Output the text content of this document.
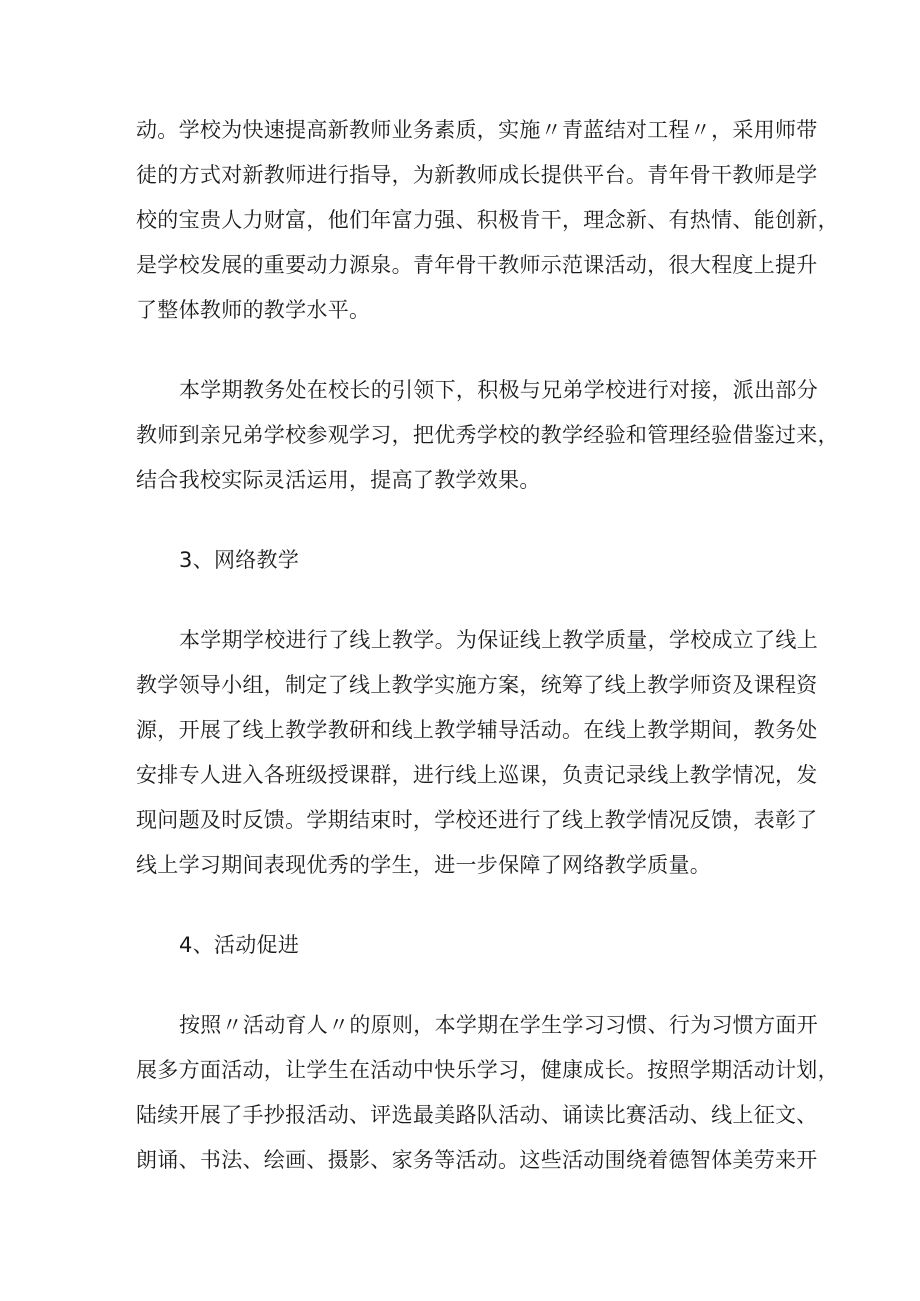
动。学校为快速提高新教师业务素质，实施〃青蓝结对工程〃，采用师带
徒的方式对新教师进行指导，为新教师成长提供平台。青年骨干教师是学
校的宝贵人力财富，他们年富力强、积极肯干，理念新、有热情、能创新，
是学校发展的重要动力源泉。青年骨干教师示范课活动，很大程度上提升
了整体教师的教学水平。
本学期教务处在校长的引领下，积极与兄弟学校进行对接，派出部分
教师到亲兄弟学校参观学习，把优秀学校的教学经验和管理经验借鉴过来，
结合我校实际灵活运用，提高了教学效果。
3、网络教学
本学期学校进行了线上教学。为保证线上教学质量，学校成立了线上
教学领导小组，制定了线上教学实施方案，统筹了线上教学师资及课程资
源，开展了线上教学教研和线上教学辅导活动。在线上教学期间，教务处
安排专人进入各班级授课群，进行线上巡课，负责记录线上教学情况，发
现问题及时反馈。学期结束时，学校还进行了线上教学情况反馈，表彰了
线上学习期间表现优秀的学生，进一步保障了网络教学质量。
4、活动促进
按照〃活动育人〃的原则，本学期在学生学习习惯、行为习惯方面开
展多方面活动，让学生在活动中快乐学习，健康成长。按照学期活动计划，
陆续开展了手抄报活动、评选最美路队活动、诵读比赛活动、线上征文、
朗诵、书法、绘画、摄影、家务等活动。这些活动围绕着德智体美劳来开
